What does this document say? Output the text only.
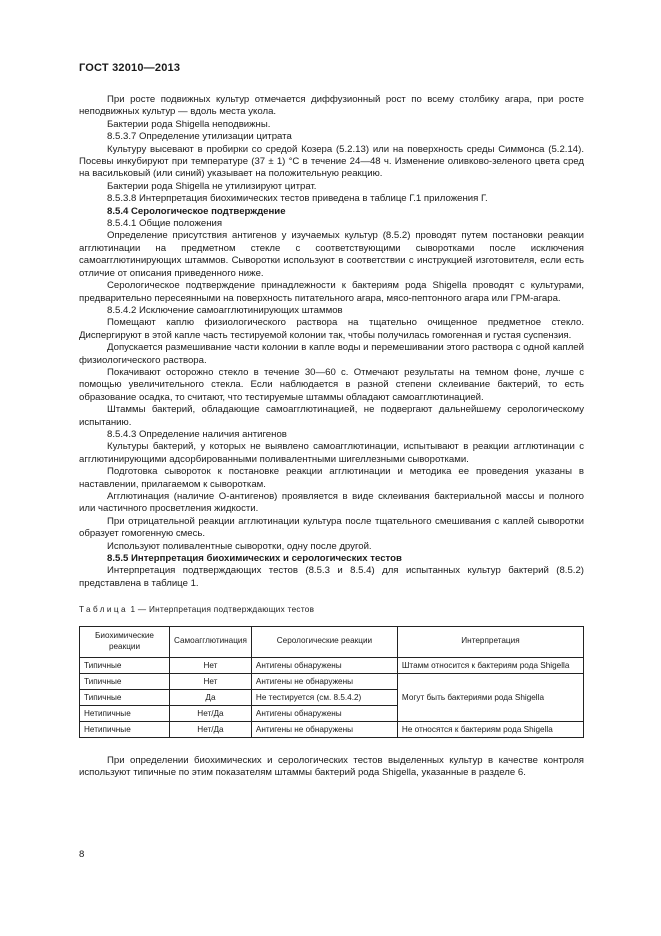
ГОСТ 32010—2013

При росте подвижных культур отмечается диффузионный рост по всему столбику агара, при росте неподвижных культур — вдоль места укола.

Бактерии рода Shigella неподвижны.

8.5.3.7 Определение утилизации цитрата

Культуру высевают в пробирки со средой Козера (5.2.13) или на поверхность среды Симмонса (5.2.14). Посевы инкубируют при температуре (37 ± 1) °С в течение 24—48 ч. Изменение оливково-зеленого цвета сред на васильковый (или синий) указывает на положительную реакцию.

Бактерии рода Shigella не утилизируют цитрат.

8.5.3.8 Интерпретация биохимических тестов приведена в таблице Г.1 приложения Г.

8.5.4 Серологическое подтверждение

8.5.4.1 Общие положения

Определение присутствия антигенов у изучаемых культур (8.5.2) проводят путем постановки реакции агглютинации на предметном стекле с соответствующими сыворотками после исключения самоагглютинирующих штаммов. Сыворотки используют в соответствии с инструкцией изготовителя, если есть отличие от описания приведенного ниже.

Серологическое подтверждение принадлежности к бактериям рода Shigella проводят с культурами, предварительно пересеянными на поверхность питательного агара, мясо-пептонного агара или ГРМ-агара.

8.5.4.2 Исключение самоагглютинирующих штаммов

Помещают каплю физиологического раствора на тщательно очищенное предметное стекло. Диспергируют в этой капле часть тестируемой колонии так, чтобы получилась гомогенная и густая суспензия.

Допускается размешивание части колонии в капле воды и перемешивании этого раствора с одной каплей физиологического раствора.

Покачивают осторожно стекло в течение 30—60 с. Отмечают результаты на темном фоне, лучше с помощью увеличительного стекла. Если наблюдается в разной степени склеивание бактерий, то есть образование осадка, то считают, что тестируемые штаммы обладают самоагглютинацией.

Штаммы бактерий, обладающие самоагглютинацией, не подвергают дальнейшему серологическому испытанию.

8.5.4.3 Определение наличия антигенов

Культуры бактерий, у которых не выявлено самоагглютинации, испытывают в реакции агглютинации с агглютинирующими адсорбированными поливалентными шигеллезными сыворотками.

Подготовка сывороток к постановке реакции агглютинации и методика ее проведения указаны в наставлении, прилагаемом к сывороткам.

Агглютинация (наличие О-антигенов) проявляется в виде склеивания бактериальной массы и полного или частичного просветления жидкости.

При отрицательной реакции агглютинации культура после тщательного смешивания с каплей сыворотки образует гомогенную смесь.

Используют поливалентные сыворотки, одну после другой.

8.5.5 Интерпретация биохимических и серологических тестов

Интерпретация подтверждающих тестов (8.5.3 и 8.5.4) для испытанных культур бактерий (8.5.2) представлена в таблице 1.

Таблица 1 — Интерпретация подтверждающих тестов
Биохимические реакции	Самоагглютинация	Серологические реакции	Интерпретация
Типичные	Нет	Антигены обнаружены	Штамм относится к бактериям рода Shigella
Типичные	Нет	Антигены не обнаружены	Могут быть бактериями рода Shigella
Типичные	Да	Не тестируется (см. 8.5.4.2)	
Нетипичные	Нет/Да	Антигены обнаружены	
Нетипичные	Нет/Да	Антигены не обнаружены	Не относятся к бактериям рода Shigella

При определении биохимических и серологических тестов выделенных культур в качестве контроля используют типичные по этим показателям штаммы бактерий рода Shigella, указанные в разделе 6.

8
